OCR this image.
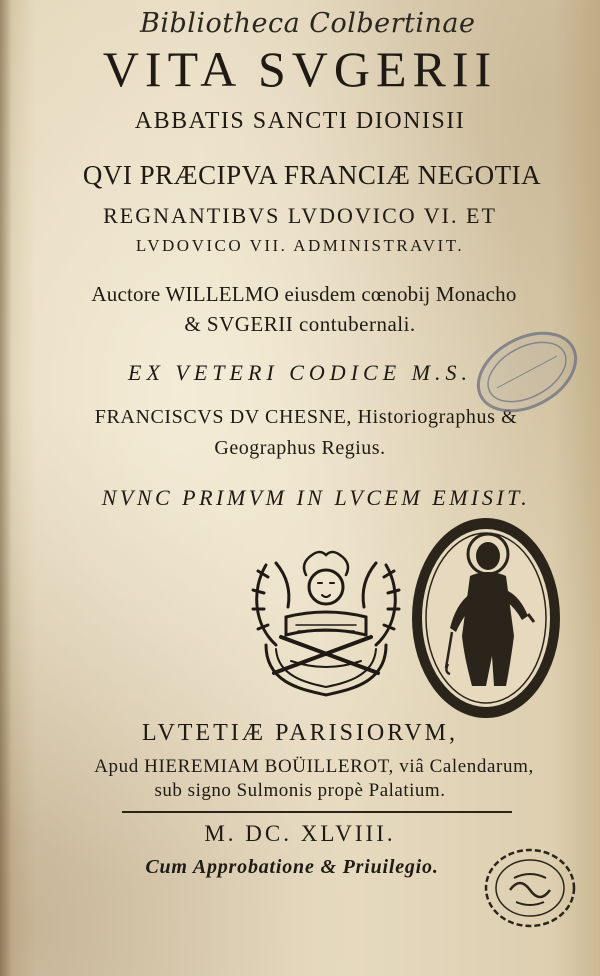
Bibliotheca Colbertinae
VITA SVGERII
ABBATIS SANCTI DIONISII
QVI PRÆCIPVA FRANCIÆ NEGOTIA
REGNANTIBVS LVDOVICO VI. ET
LVDOVICO VII. ADMINISTRAVIT.
Auctore WILLELMO eiusdem cœnobij Monacho
& SVGERII contubernali.
EX VETERI CODICE M.S.
FRANCISCVS DV CHESNE, Historiographus &
Geographus Regius.
NVNC PRIMVM IN LVCEM EMISIT.
LVTETIÆ PARISIORVM,
Apud HIEREMIAM BOÜILLEROT, viâ Calendarum,
sub signo Sulmonis propè Palatium.
M. DC. XLVIII.
Cum Approbatione & Priuilegio.
